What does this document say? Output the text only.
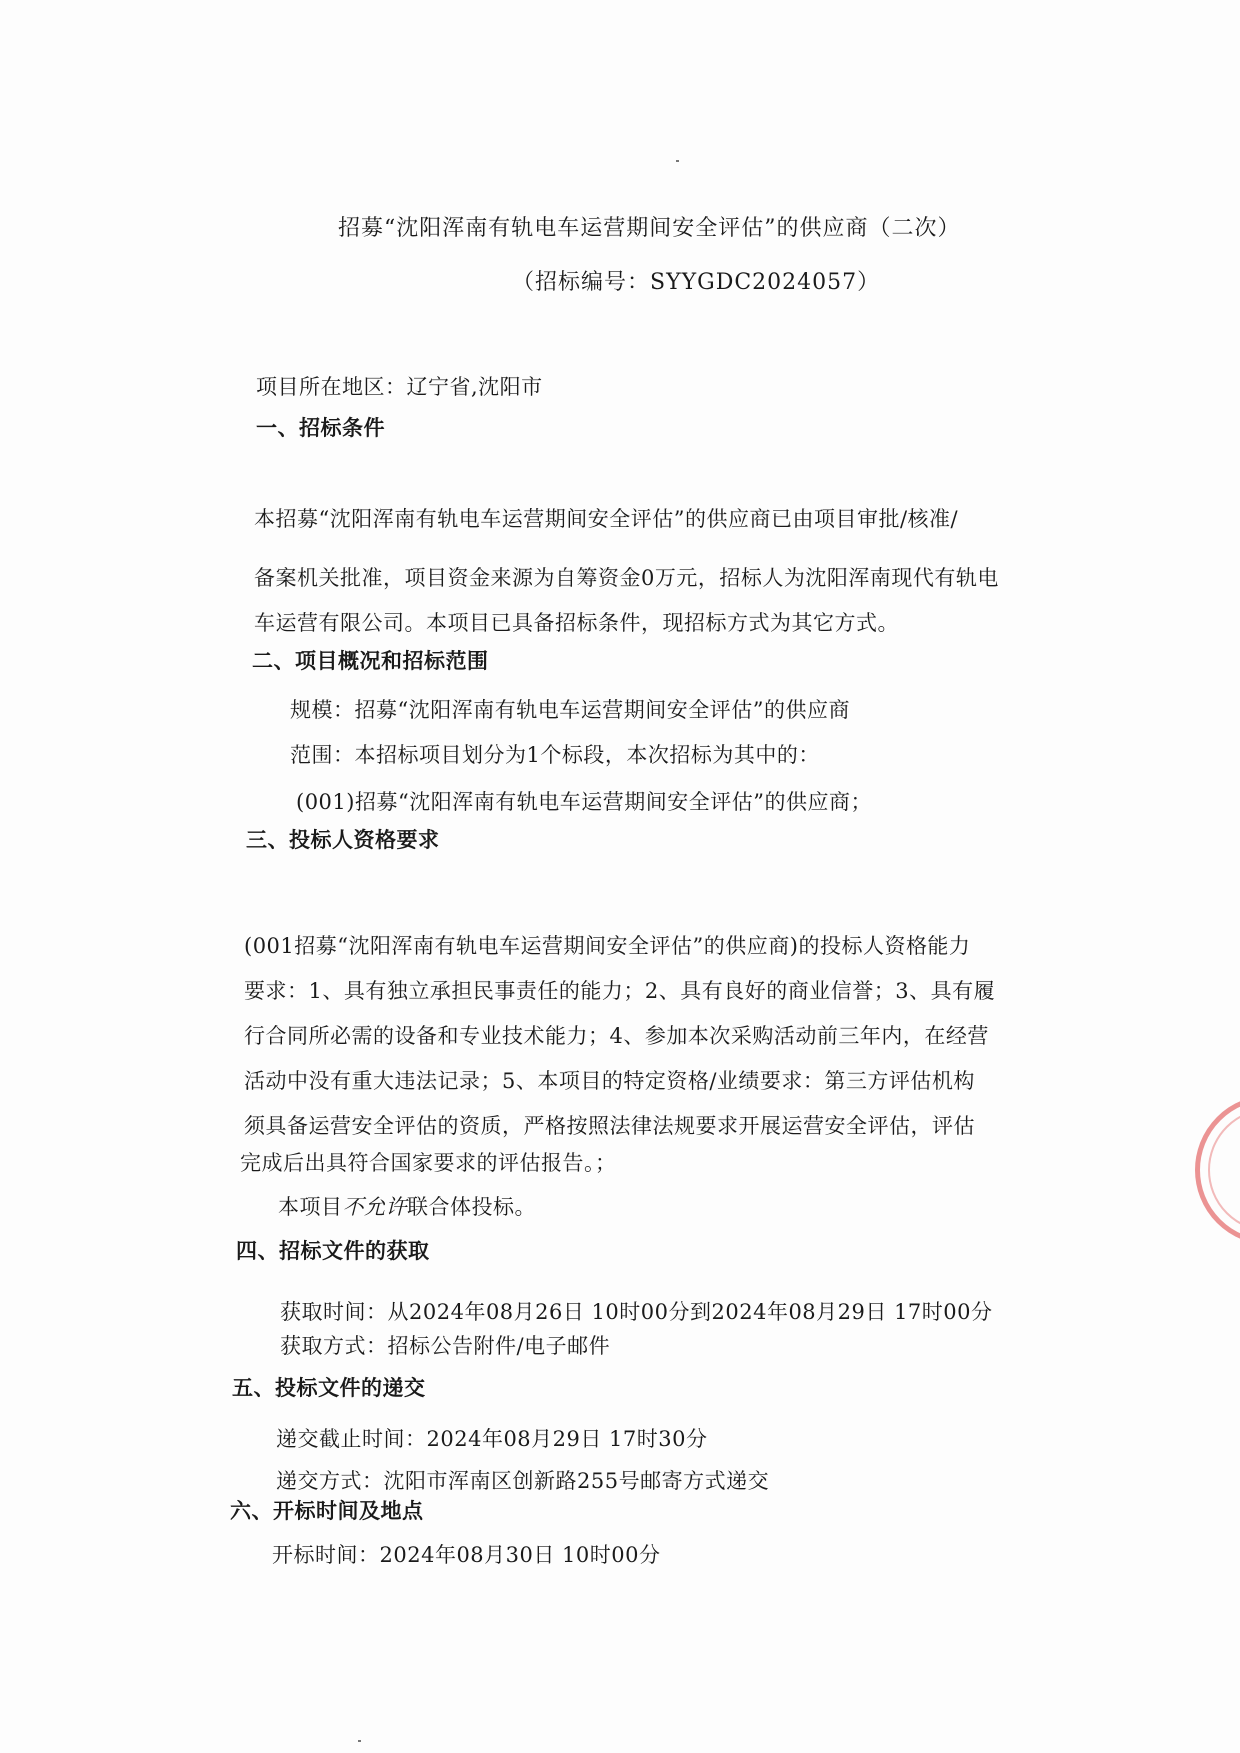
招募“沈阳浑南有轨电车运营期间安全评估”的供应商（二次）
（招标编号：SYYGDC2024057）
项目所在地区：辽宁省,沈阳市
一、招标条件
本招募“沈阳浑南有轨电车运营期间安全评估”的供应商已由项目审批/核准/
备案机关批准，项目资金来源为自筹资金0万元，招标人为沈阳浑南现代有轨电
车运营有限公司。本项目已具备招标条件，现招标方式为其它方式。
二、项目概况和招标范围
规模：招募“沈阳浑南有轨电车运营期间安全评估”的供应商
范围：本招标项目划分为1个标段，本次招标为其中的：
(001)招募“沈阳浑南有轨电车运营期间安全评估”的供应商；
三、投标人资格要求
(001招募“沈阳浑南有轨电车运营期间安全评估”的供应商)的投标人资格能力
要求：1、具有独立承担民事责任的能力；2、具有良好的商业信誉；3、具有履
行合同所必需的设备和专业技术能力；4、参加本次采购活动前三年内，在经营
活动中没有重大违法记录；5、本项目的特定资格/业绩要求：第三方评估机构
须具备运营安全评估的资质，严格按照法律法规要求开展运营安全评估，评估
完成后出具符合国家要求的评估报告。；
本项目不允许联合体投标。
四、招标文件的获取
获取时间：从2024年08月26日 10时00分到2024年08月29日 17时00分
获取方式：招标公告附件/电子邮件
五、投标文件的递交
递交截止时间：2024年08月29日 17时30分
递交方式：沈阳市浑南区创新路255号邮寄方式递交
六、开标时间及地点
开标时间：2024年08月30日 10时00分
